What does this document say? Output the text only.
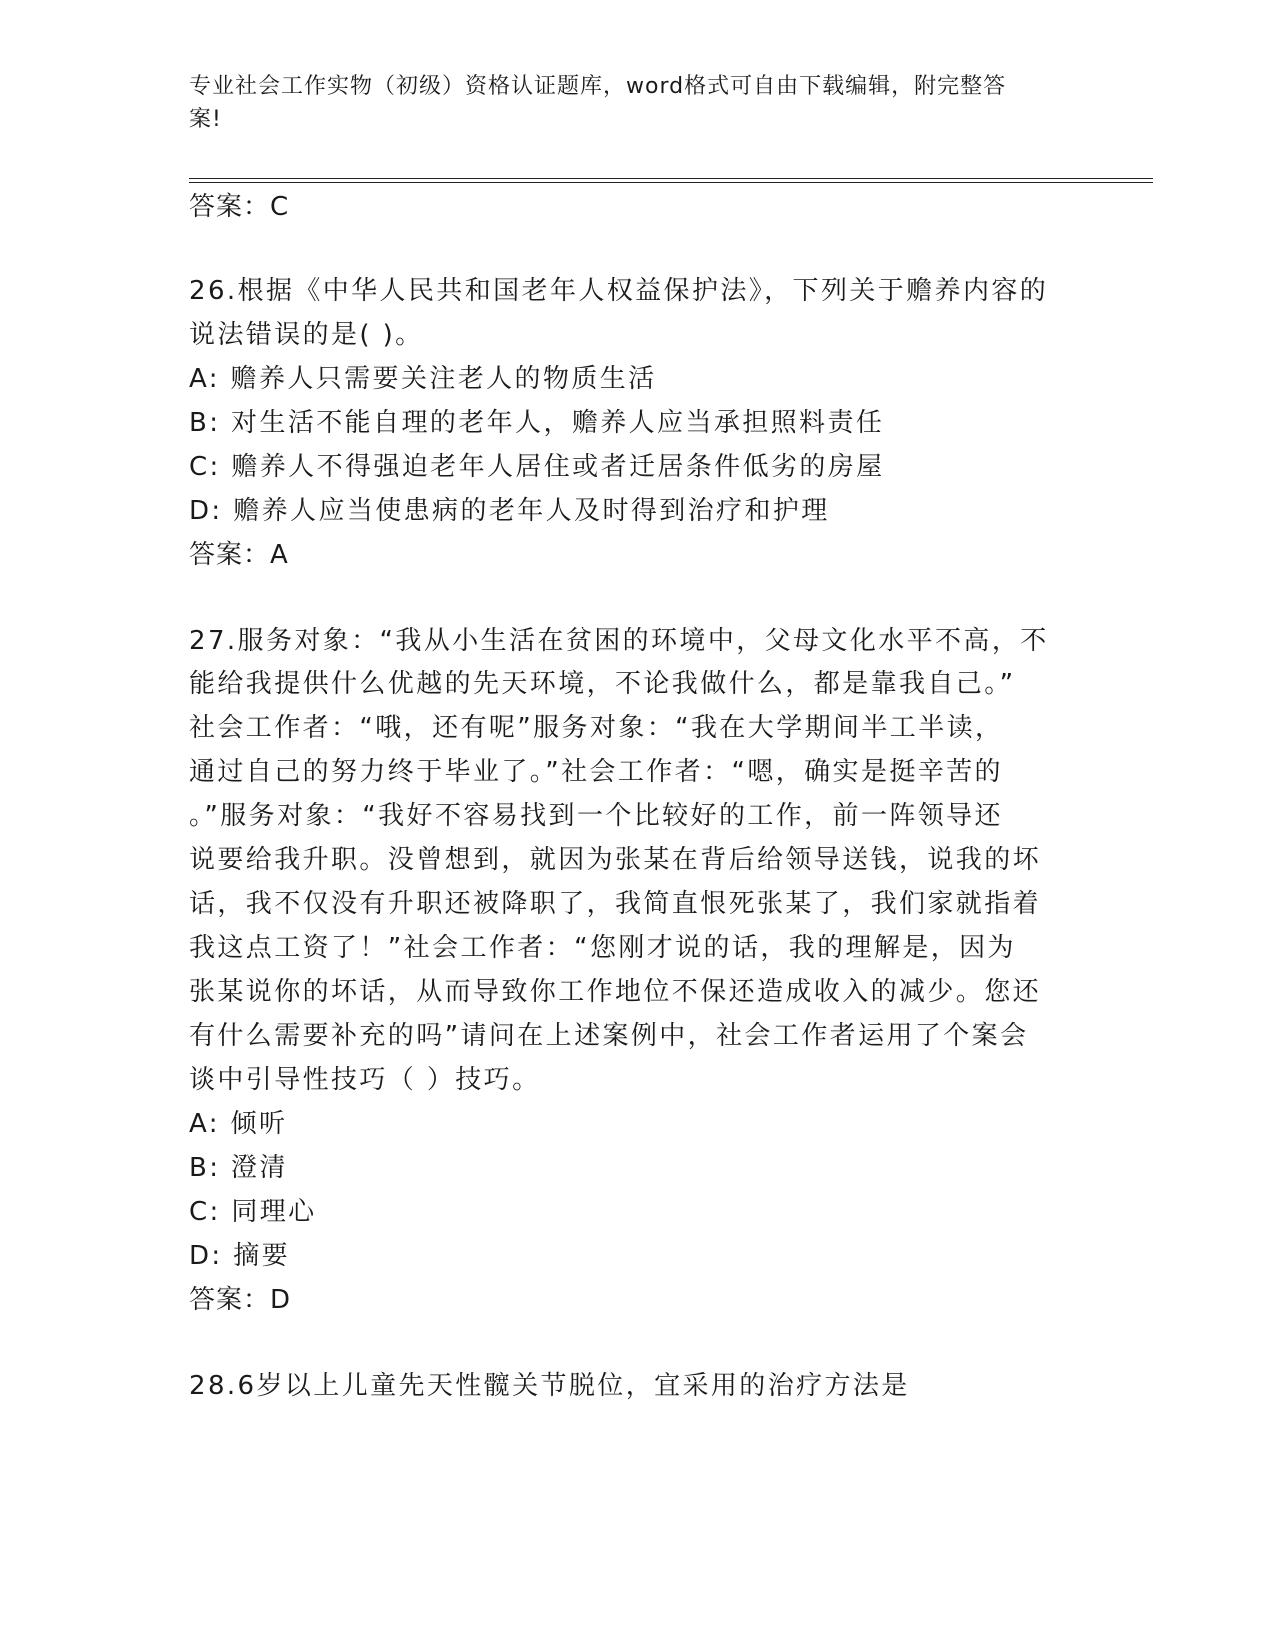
专业社会工作实物（初级）资格认证题库，word格式可自由下载编辑，附完整答
案!
答案：C
26.根据《中华人民共和国老年人权益保护法》，下列关于赡养内容的
说法错误的是( )。
A: 赡养人只需要关注老人的物质生活
B: 对生活不能自理的老年人，赡养人应当承担照料责任
C: 赡养人不得强迫老年人居住或者迁居条件低劣的房屋
D: 赡养人应当使患病的老年人及时得到治疗和护理
答案：A
27.服务对象：“我从小生活在贫困的环境中，父母文化水平不高，不
能给我提供什么优越的先天环境，不论我做什么，都是靠我自己。”
社会工作者：“哦，还有呢”服务对象：“我在大学期间半工半读，
通过自己的努力终于毕业了。”社会工作者：“嗯，确实是挺辛苦的
。”服务对象：“我好不容易找到一个比较好的工作，前一阵领导还
说要给我升职。没曾想到，就因为张某在背后给领导送钱，说我的坏
话，我不仅没有升职还被降职了，我简直恨死张某了，我们家就指着
我这点工资了！”社会工作者：“您刚才说的话，我的理解是，因为
张某说你的坏话，从而导致你工作地位不保还造成收入的减少。您还
有什么需要补充的吗”请问在上述案例中，社会工作者运用了个案会
谈中引导性技巧（ ）技巧。
A: 倾听
B: 澄清
C: 同理心
D: 摘要
答案：D
28.6岁以上儿童先天性髋关节脱位，宜采用的治疗方法是
